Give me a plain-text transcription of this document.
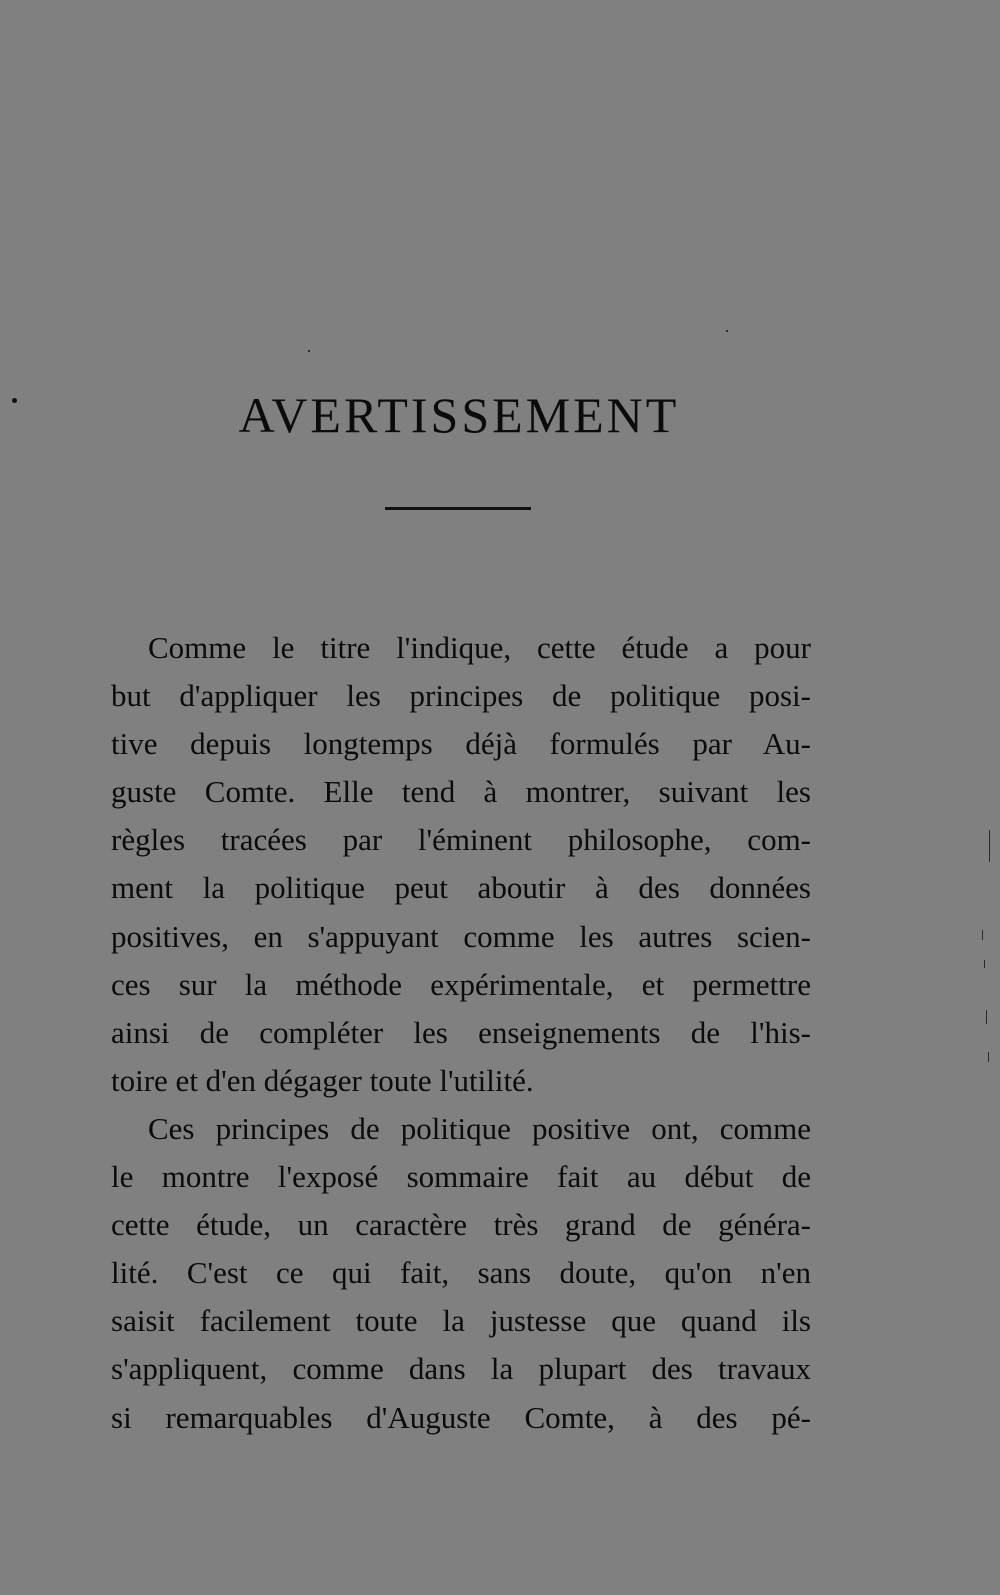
AVERTISSEMENT

Comme le titre l'indique, cette étude a pour
but d'appliquer les principes de politique posi-
tive depuis longtemps déjà formulés par Au-
guste Comte. Elle tend à montrer, suivant les
règles tracées par l'éminent philosophe, com-
ment la politique peut aboutir à des données
positives, en s'appuyant comme les autres scien-
ces sur la méthode expérimentale, et permettre
ainsi de compléter les enseignements de l'his-
toire et d'en dégager toute l'utilité.

Ces principes de politique positive ont, comme
le montre l'exposé sommaire fait au début de
cette étude, un caractère très grand de généra-
lité. C'est ce qui fait, sans doute, qu'on n'en
saisit facilement toute la justesse que quand ils
s'appliquent, comme dans la plupart des travaux
si remarquables d'Auguste Comte, à des pé-
